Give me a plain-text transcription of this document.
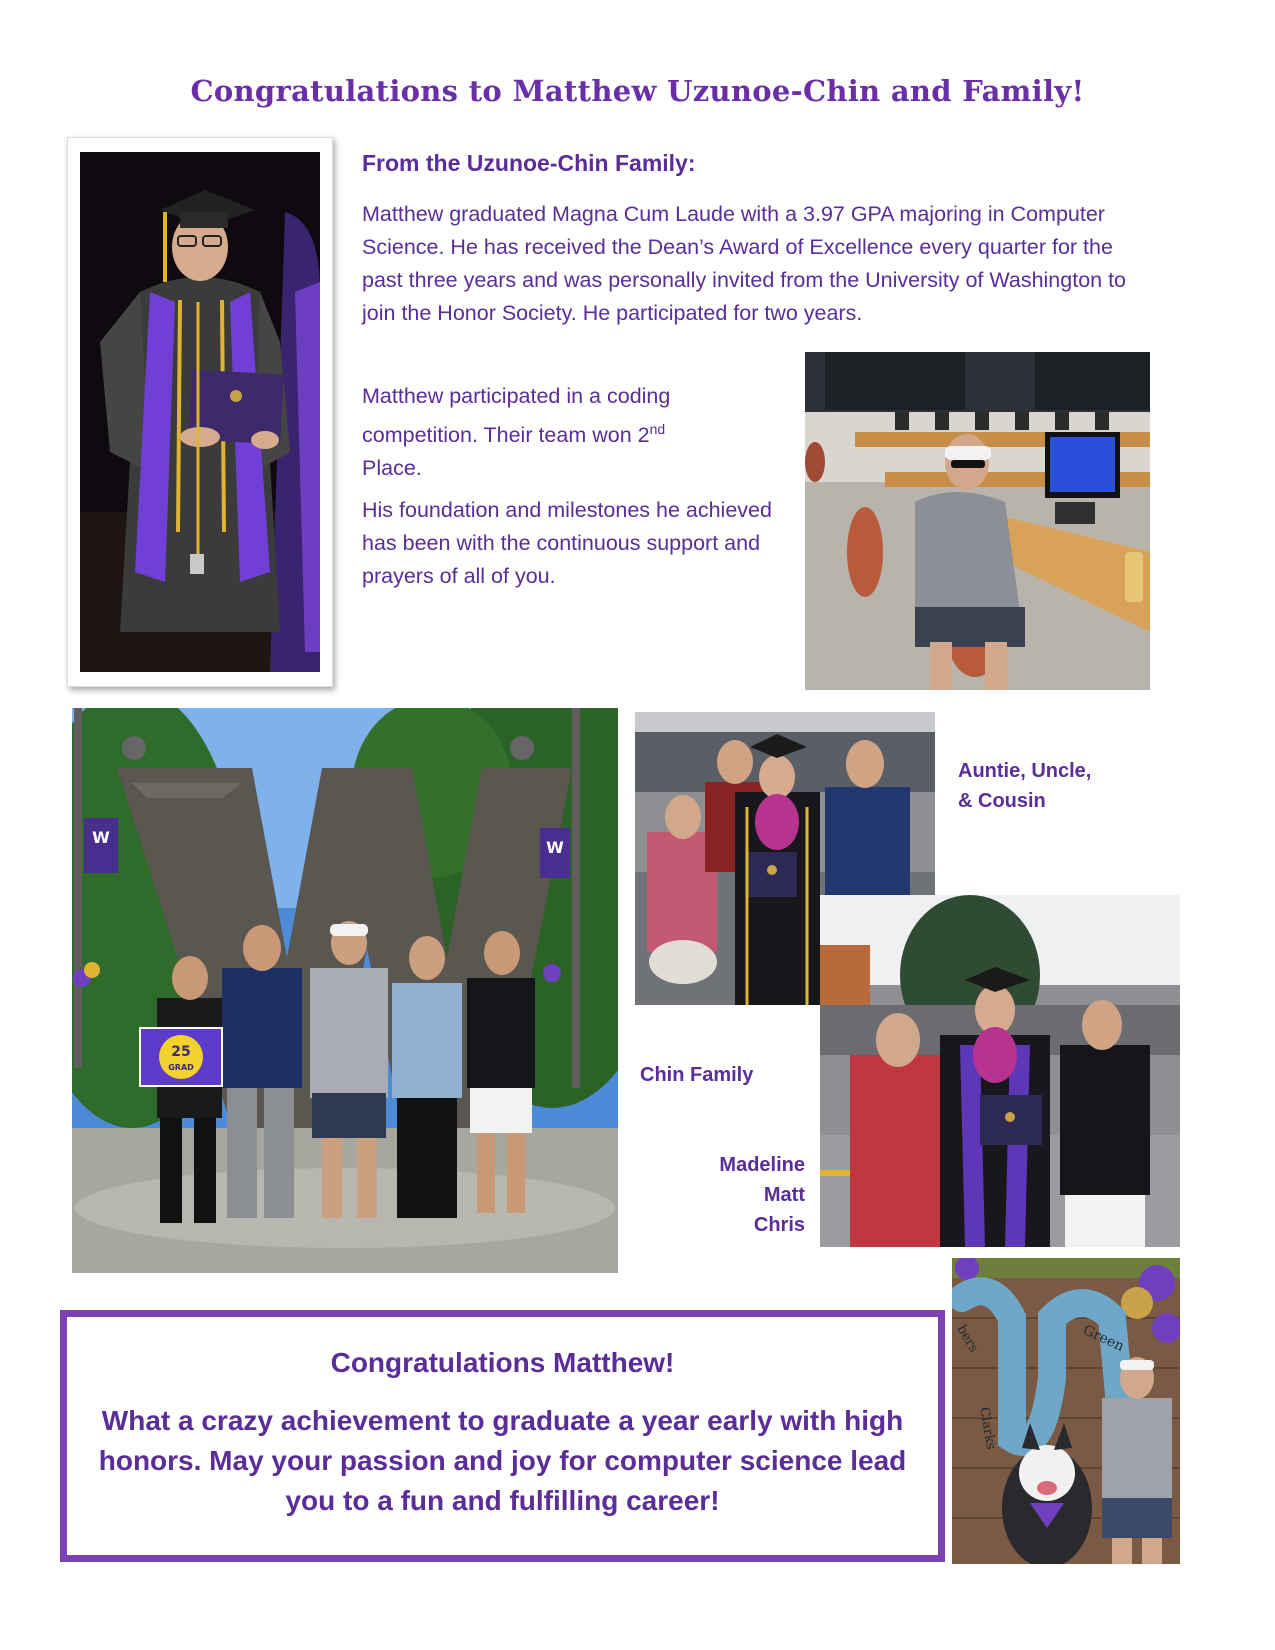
Congratulations to Matthew Uzunoe-Chin and Family!
From the Uzunoe-Chin Family:
Matthew graduated Magna Cum Laude with a 3.97 GPA majoring in Computer Science. He has received the Dean’s Award of Excellence every quarter for the past three years and was personally invited from the University of Washington to join the Honor Society. He participated for two years.
Matthew participated in a coding
competition. Their team won 2nd
Place.
His foundation and milestones he achieved has been with the continuous support and prayers of all of you.
W
W
25
GRAD
Green
Clarks
bers
Auntie, Uncle,
& Cousin
Chin Family
Madeline
Matt
Chris
Congratulations Matthew!
What a crazy achievement to graduate a year early with high honors. May your passion and joy for computer science lead you to a fun and fulfilling career!
